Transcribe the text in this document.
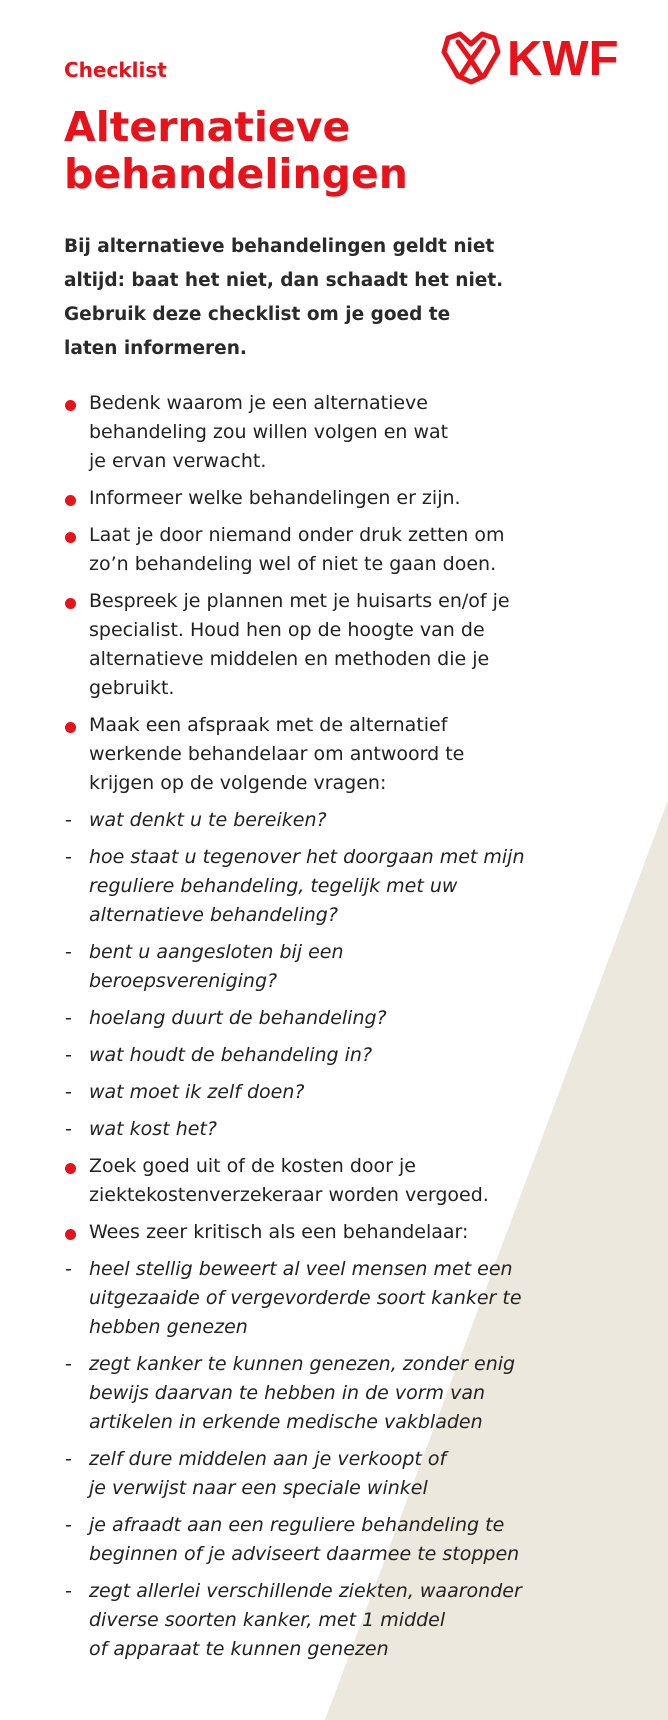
KWF
Checklist
Alternatieve
behandelingen
Bij alternatieve behandelingen geldt niet
altijd: baat het niet, dan schaadt het niet.
Gebruik deze checklist om je goed te
laten informeren.
Bedenk waarom je een alternatieve
behandeling zou willen volgen en wat
je ervan verwacht.
Informeer welke behandelingen er zijn.
Laat je door niemand onder druk zetten om
zo’n behandeling wel of niet te gaan doen.
Bespreek je plannen met je huisarts en/of je
specialist. Houd hen op de hoogte van de
alternatieve middelen en methoden die je
gebruikt.
Maak een afspraak met de alternatief
werkende behandelaar om antwoord te
krijgen op de volgende vragen:
- wat denkt u te bereiken?
- hoe staat u tegenover het doorgaan met mijn
reguliere behandeling, tegelijk met uw
alternatieve behandeling?
- bent u aangesloten bij een
beroepsvereniging?
- hoelang duurt de behandeling?
- wat houdt de behandeling in?
- wat moet ik zelf doen?
- wat kost het?
Zoek goed uit of de kosten door je
ziektekostenverzekeraar worden vergoed.
Wees zeer kritisch als een behandelaar:
- heel stellig beweert al veel mensen met een
uitgezaaide of vergevorderde soort kanker te
hebben genezen
- zegt kanker te kunnen genezen, zonder enig
bewijs daarvan te hebben in de vorm van
artikelen in erkende medische vakbladen
- zelf dure middelen aan je verkoopt of
je verwijst naar een speciale winkel
- je afraadt aan een reguliere behandeling te
beginnen of je adviseert daarmee te stoppen
- zegt allerlei verschillende ziekten, waaronder
diverse soorten kanker, met 1 middel
of apparaat te kunnen genezen
